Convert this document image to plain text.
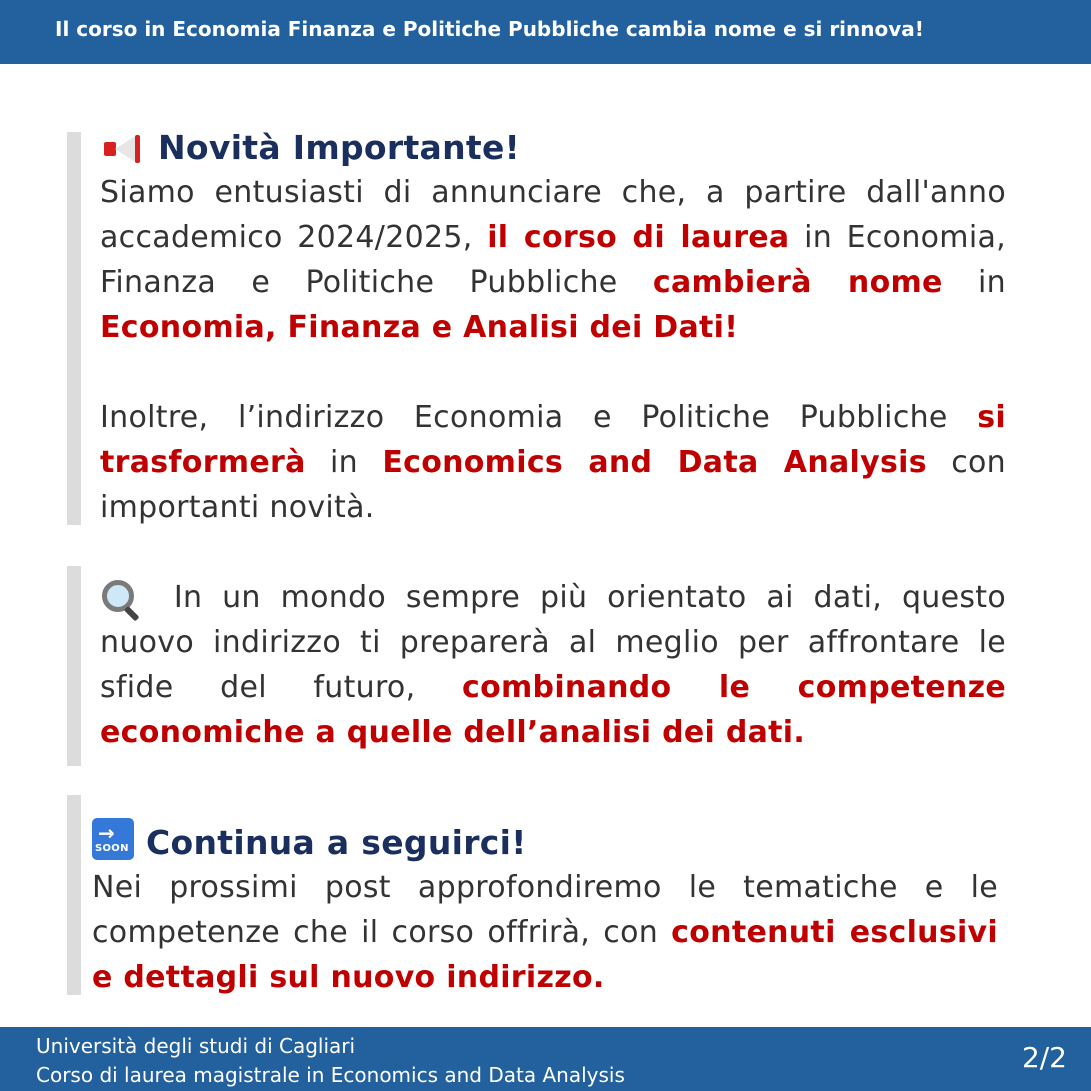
Il corso in Economia Finanza e Politiche Pubbliche cambia nome e si rinnova!
Novità Importante!
Siamo entusiasti di annunciare che, a partire dall'anno accademico 2024/2025, il corso di laurea in Economia, Finanza e Politiche Pubbliche cambierà nome in Economia, Finanza e Analisi dei Dati!
Inoltre, l’indirizzo Economia e Politiche Pubbliche si trasformerà in Economics and Data Analysis con importanti novità.
In un mondo sempre più orientato ai dati, questo nuovo indirizzo ti preparerà al meglio per affrontare le sfide del futuro, combinando le competenze economiche a quelle dell’analisi dei dati.
→
SOON Continua a seguirci!
Nei prossimi post approfondiremo le tematiche e le competenze che il corso offrirà, con contenuti esclusivi e dettagli sul nuovo indirizzo.
Università degli studi di Cagliari
Corso di laurea magistrale in Economics and Data Analysis
2/2
